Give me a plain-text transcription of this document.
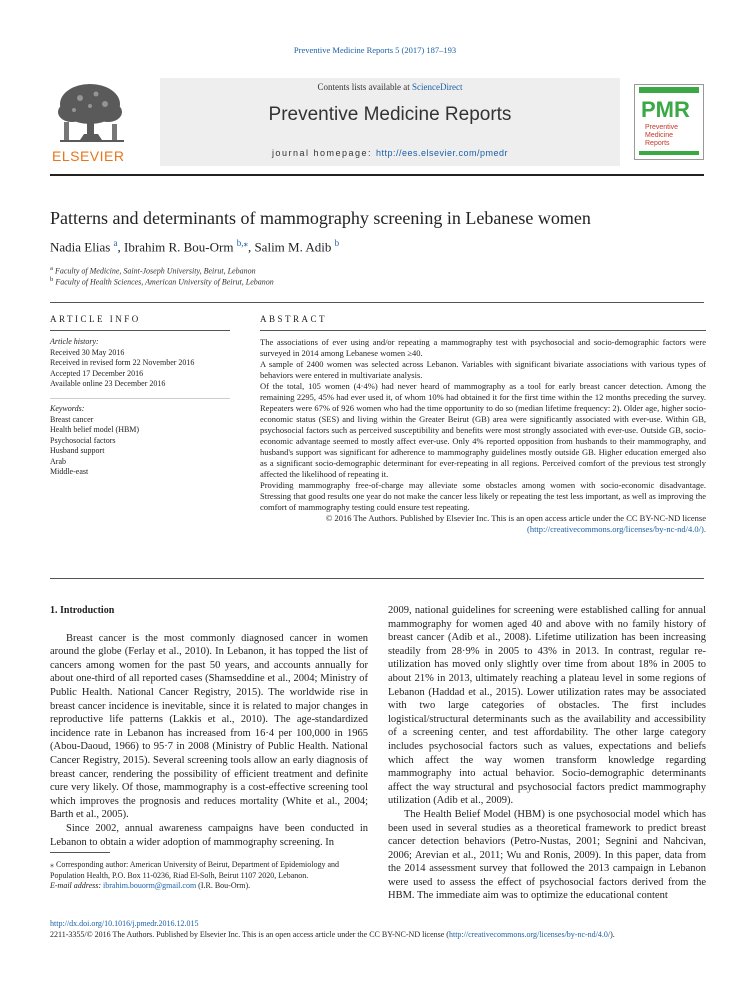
Preventive Medicine Reports 5 (2017) 187–193
ELSEVIER
Contents lists available at ScienceDirect
Preventive Medicine Reports
journal homepage: http://ees.elsevier.com/pmedr
PMR
Preventive
Medicine
Reports
Patterns and determinants of mammography screening in Lebanese women
Nadia Elias $^a$, Ibrahim R. Bou-Orm $^{b,⁎}$, Salim M. Adib $^b$
$^a$ Faculty of Medicine, Saint-Joseph University, Beirut, Lebanon
$^b$ Faculty of Health Sciences, American University of Beirut, Lebanon
ARTICLE INFO
Article history:
Received 30 May 2016
Received in revised form 22 November 2016
Accepted 17 December 2016
Available online 23 December 2016
Keywords:
Breast cancer
Health belief model (HBM)
Psychosocial factors
Husband support
Arab
Middle-east
ABSTRACT

The associations of ever using and/or repeating a mammography test with psychosocial and socio-demographic factors were surveyed in 2014 among Lebanese women ≥40.

A sample of 2400 women was selected across Lebanon. Variables with significant bivariate associations with various types of behaviors were entered in multivariate analysis.

Of the total, 105 women (4·4%) had never heard of mammography as a tool for early breast cancer detection. Among the remaining 2295, 45% had ever used it, of whom 10% had obtained it for the first time within the 12 months preceding the survey. Repeaters were 67% of 926 women who had the time opportunity to do so (median lifetime frequency: 2). Older age, higher socio-economic status (SES) and living within the Greater Beirut (GB) area were significantly associated with ever-use. Within GB, psychosocial factors such as perceived susceptibility and benefits were most strongly associated with ever-use. Outside GB, socio-economic advantage seemed to mostly affect ever-use. Only 4% reported opposition from husbands to their mammography, and husband's support was significant for adherence to mammography guidelines mostly outside GB. Higher education emerged also as a significant socio-demographic determinant for ever-repeating in all regions. Perceived comfort of the previous test strongly affected the likelihood of repeating it.

Providing mammography free-of-charge may alleviate some obstacles among women with socio-economic disadvantage. Stressing that good results one year do not make the cancer less likely or repeating the test less important, as well as improving the comfort of mammography testing could ensure test repeating.

© 2016 The Authors. Published by Elsevier Inc. This is an open access article under the CC BY-NC-ND license
(http://creativecommons.org/licenses/by-nc-nd/4.0/).

1. Introduction

Breast cancer is the most commonly diagnosed cancer in women around the globe (Ferlay et al., 2010). In Lebanon, it has topped the list of cancers among women for the past 50 years, and accounts annually for about one-third of all reported cases (Shamseddine et al., 2004; Ministry of Public Health. National Cancer Registry, 2015). The worldwide rise in breast cancer incidence is inevitable, since it is related to major changes in reproductive life patterns (Lakkis et al., 2010). The age-standardized incidence rate in Lebanon has increased from 16·4 per 100,000 in 1965 (Abou-Daoud, 1966) to 95·7 in 2008 (Ministry of Public Health. National Cancer Registry, 2015). Several screening tools allow an early diagnosis of breast cancer, rendering the possibility of efficient treatment and definite cure very likely. Of those, mammography is a cost-effective screening tool which improves the prognosis and reduces mortality (White et al., 2004; Barth et al., 2005).

Since 2002, annual awareness campaigns have been conducted in Lebanon to obtain a wider adoption of mammography screening. In

2009, national guidelines for screening were established calling for annual mammography for women aged 40 and above with no family history of breast cancer (Adib et al., 2008). Lifetime utilization has been increasing steadily from 28·9% in 2005 to 43% in 2013. In contrast, regular re-utilization has moved only slightly over time from about 18% in 2005 to about 21% in 2013, ultimately reaching a plateau level in some regions of Lebanon (Haddad et al., 2015). Lower utilization rates may be associated with two large categories of obstacles. The first includes logistical/structural determinants such as the availability and accessibility of a screening center, and test affordability. The other large category includes psychosocial factors such as values, expectations and beliefs which affect the way women transform knowledge regarding mammography into actual behavior. Socio-demographic determinants affect the way structural and psychosocial factors predict mammography utilization (Adib et al., 2009).

The Health Belief Model (HBM) is one psychosocial model which has been used in several studies as a theoretical framework to predict breast cancer detection behaviors (Petro-Nustas, 2001; Segnini and Nahcivan, 2006; Arevian et al., 2011; Wu and Ronis, 2009). In this paper, data from the 2014 assessment survey that followed the 2013 campaign in Lebanon were used to assess the effect of psychosocial factors derived from the HBM. The immediate aim was to optimize the educational content

⁎ Corresponding author: American University of Beirut, Department of Epidemiology and Population Health, P.O. Box 11-0236, Riad El-Solh, Beirut 1107 2020, Lebanon.
E-mail address: ibrahim.bouorm@gmail.com (I.R. Bou-Orm).
http://dx.doi.org/10.1016/j.pmedr.2016.12.015
2211-3355/© 2016 The Authors. Published by Elsevier Inc. This is an open access article under the CC BY-NC-ND license (http://creativecommons.org/licenses/by-nc-nd/4.0/).
